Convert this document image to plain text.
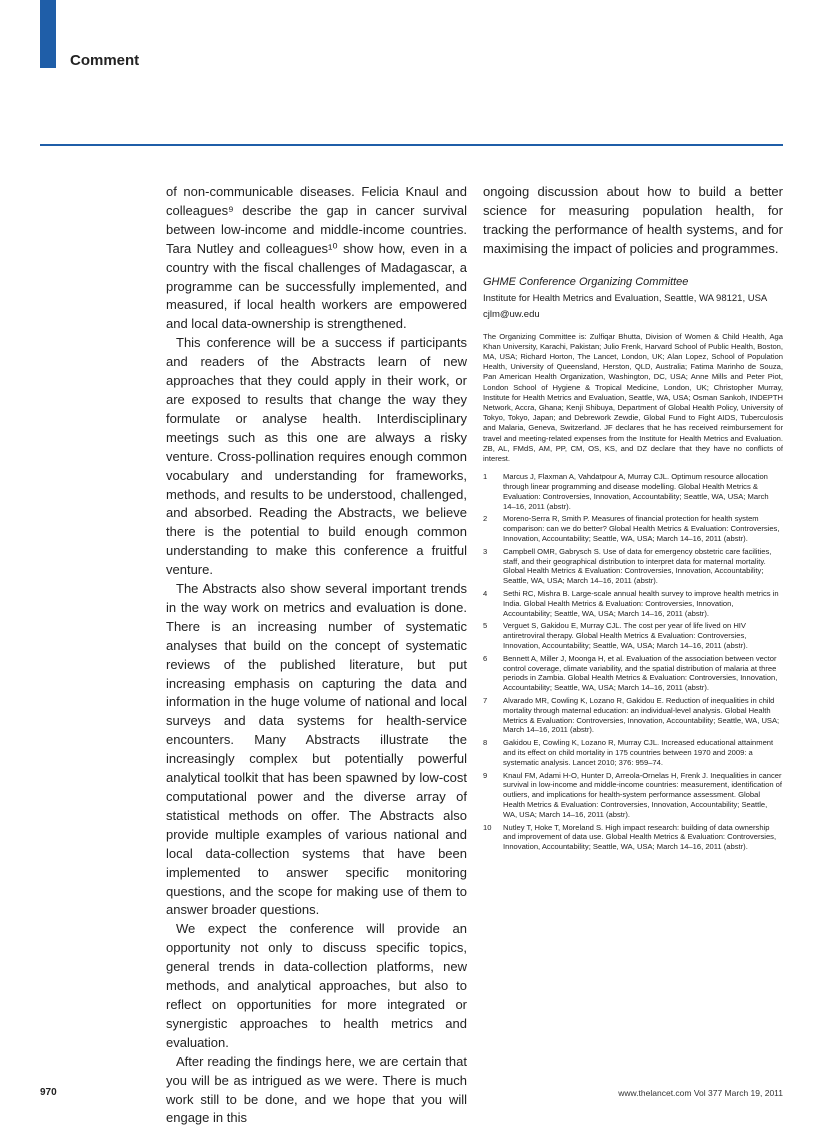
Comment

of non-communicable diseases. Felicia Knaul and colleagues⁹ describe the gap in cancer survival between low-income and middle-income countries. Tara Nutley and colleagues¹⁰ show how, even in a country with the fiscal challenges of Madagascar, a programme can be successfully implemented, and measured, if local health workers are empowered and local data-ownership is strengthened.

This conference will be a success if participants and readers of the Abstracts learn of new approaches that they could apply in their work, or are exposed to results that change the way they formulate or analyse health. Interdisciplinary meetings such as this one are always a risky venture. Cross-pollination requires enough common vocabulary and understanding for frameworks, methods, and results to be understood, challenged, and absorbed. Reading the Abstracts, we believe there is the potential to build enough common understanding to make this conference a fruitful venture.

The Abstracts also show several important trends in the way work on metrics and evaluation is done. There is an increasing number of systematic analyses that build on the concept of systematic reviews of the published literature, but put increasing emphasis on capturing the data and information in the huge volume of national and local surveys and data systems for health-service encounters. Many Abstracts illustrate the increasingly complex but potentially powerful analytical toolkit that has been spawned by low-cost computational power and the diverse array of statistical methods on offer. The Abstracts also provide multiple examples of various national and local data-collection systems that have been implemented to answer specific monitoring questions, and the scope for making use of them to answer broader questions.

We expect the conference will provide an opportunity not only to discuss specific topics, general trends in data-collection platforms, new methods, and analytical approaches, but also to reflect on opportunities for more integrated or synergistic approaches to health metrics and evaluation.

After reading the findings here, we are certain that you will be as intrigued as we were. There is much work still to be done, and we hope that you will engage in this

ongoing discussion about how to build a better science for measuring population health, for tracking the performance of health systems, and for maximising the impact of policies and programmes.

GHME Conference Organizing Committee
Institute for Health Metrics and Evaluation, Seattle, WA 98121, USA
cjlm@uw.edu
The Organizing Committee is: Zulfiqar Bhutta, Division of Women & Child Health, Aga Khan University, Karachi, Pakistan; Julio Frenk, Harvard School of Public Health, Boston, MA, USA; Richard Horton, The Lancet, London, UK; Alan Lopez, School of Population Health, University of Queensland, Herston, QLD, Australia; Fatima Marinho de Souza, Pan American Health Organization, Washington, DC, USA; Anne Mills and Peter Piot, London School of Hygiene & Tropical Medicine, London, UK; Christopher Murray, Institute for Health Metrics and Evaluation, Seattle, WA, USA; Osman Sankoh, INDEPTH Network, Accra, Ghana; Kenji Shibuya, Department of Global Health Policy, University of Tokyo, Tokyo, Japan; and Debrework Zewdie, Global Fund to Fight AIDS, Tuberculosis and Malaria, Geneva, Switzerland. JF declares that he has received reimbursement for travel and meeting-related expenses from the Institute for Health Metrics and Evaluation. ZB, AL, FMdS, AM, PP, CM, OS, KS, and DZ declare that they have no conflicts of interest.
1 Marcus J, Flaxman A, Vahdatpour A, Murray CJL. Optimum resource allocation through linear programming and disease modelling. Global Health Metrics & Evaluation: Controversies, Innovation, Accountability; Seattle, WA, USA; March 14–16, 2011 (abstr).
2 Moreno-Serra R, Smith P. Measures of financial protection for health system comparison: can we do better? Global Health Metrics & Evaluation: Controversies, Innovation, Accountability; Seattle, WA, USA; March 14–16, 2011 (abstr).
3 Campbell OMR, Gabrysch S. Use of data for emergency obstetric care facilities, staff, and their geographical distribution to interpret data for maternal mortality. Global Health Metrics & Evaluation: Controversies, Innovation, Accountability; Seattle, WA, USA; March 14–16, 2011 (abstr).
4 Sethi RC, Mishra B. Large-scale annual health survey to improve health metrics in India. Global Health Metrics & Evaluation: Controversies, Innovation, Accountability; Seattle, WA, USA; March 14–16, 2011 (abstr).
5 Verguet S, Gakidou E, Murray CJL. The cost per year of life lived on HIV antiretroviral therapy. Global Health Metrics & Evaluation: Controversies, Innovation, Accountability; Seattle, WA, USA; March 14–16, 2011 (abstr).
6 Bennett A, Miller J, Moonga H, et al. Evaluation of the association between vector control coverage, climate variability, and the spatial distribution of malaria at three periods in Zambia. Global Health Metrics & Evaluation: Controversies, Innovation, Accountability; Seattle, WA, USA; March 14–16, 2011 (abstr).
7 Alvarado MR, Cowling K, Lozano R, Gakidou E. Reduction of inequalities in child mortality through maternal education: an individual-level analysis. Global Health Metrics & Evaluation: Controversies, Innovation, Accountability; Seattle, WA, USA; March 14–16, 2011 (abstr).
8 Gakidou E, Cowling K, Lozano R, Murray CJL. Increased educational attainment and its effect on child mortality in 175 countries between 1970 and 2009: a systematic analysis. Lancet 2010; 376: 959–74.
9 Knaul FM, Adami H-O, Hunter D, Arreola-Ornelas H, Frenk J. Inequalities in cancer survival in low-income and middle-income countries: measurement, identification of outliers, and implications for health-system performance assessment. Global Health Metrics & Evaluation: Controversies, Innovation, Accountability; Seattle, WA, USA; March 14–16, 2011 (abstr).
10 Nutley T, Hoke T, Moreland S. High impact research: building of data ownership and improvement of data use. Global Health Metrics & Evaluation: Controversies, Innovation, Accountability; Seattle, WA, USA; March 14–16, 2011 (abstr).
970	www.thelancet.com Vol 377 March 19, 2011
